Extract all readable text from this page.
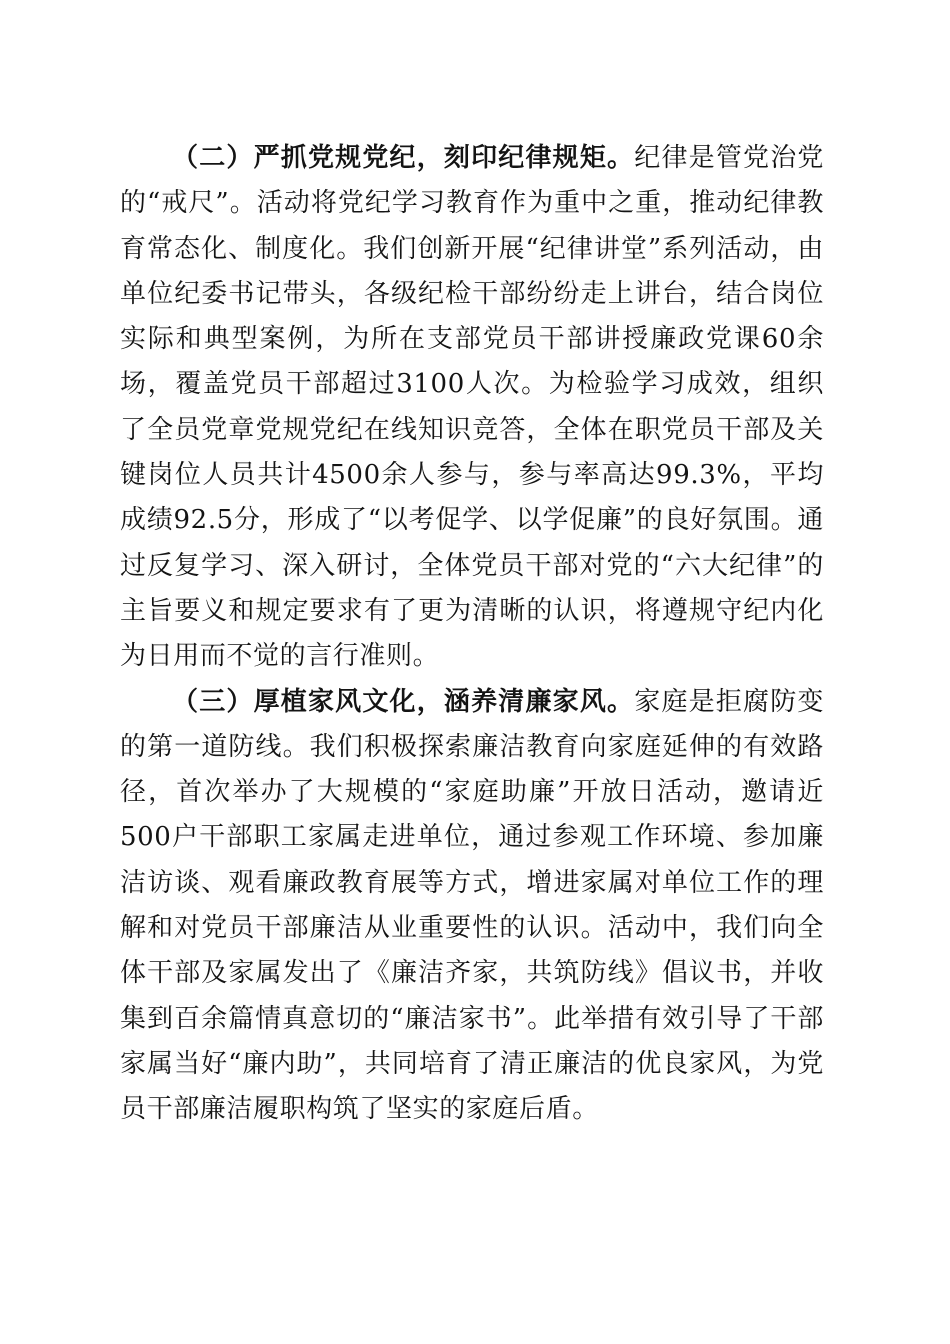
（二）严抓党规党纪，刻印纪律规矩。纪律是管党治党的“戒尺”。活动将党纪学习教育作为重中之重，推动纪律教育常态化、制度化。我们创新开展“纪律讲堂”系列活动，由单位纪委书记带头，各级纪检干部纷纷走上讲台，结合岗位实际和典型案例，为所在支部党员干部讲授廉政党课60余场，覆盖党员干部超过3100人次。为检验学习成效，组织了全员党章党规党纪在线知识竞答，全体在职党员干部及关键岗位人员共计4500余人参与，参与率高达99.3%，平均成绩92.5分，形成了“以考促学、以学促廉”的良好氛围。通过反复学习、深入研讨，全体党员干部对党的“六大纪律”的主旨要义和规定要求有了更为清晰的认识，将遵规守纪内化为日用而不觉的言行准则。

（三）厚植家风文化，涵养清廉家风。家庭是拒腐防变的第一道防线。我们积极探索廉洁教育向家庭延伸的有效路径，首次举办了大规模的“家庭助廉”开放日活动，邀请近500户干部职工家属走进单位，通过参观工作环境、参加廉洁访谈、观看廉政教育展等方式，增进家属对单位工作的理解和对党员干部廉洁从业重要性的认识。活动中，我们向全体干部及家属发出了《廉洁齐家，共筑防线》倡议书，并收集到百余篇情真意切的“廉洁家书”。此举措有效引导了干部家属当好“廉内助”，共同培育了清正廉洁的优良家风，为党员干部廉洁履职构筑了坚实的家庭后盾。
